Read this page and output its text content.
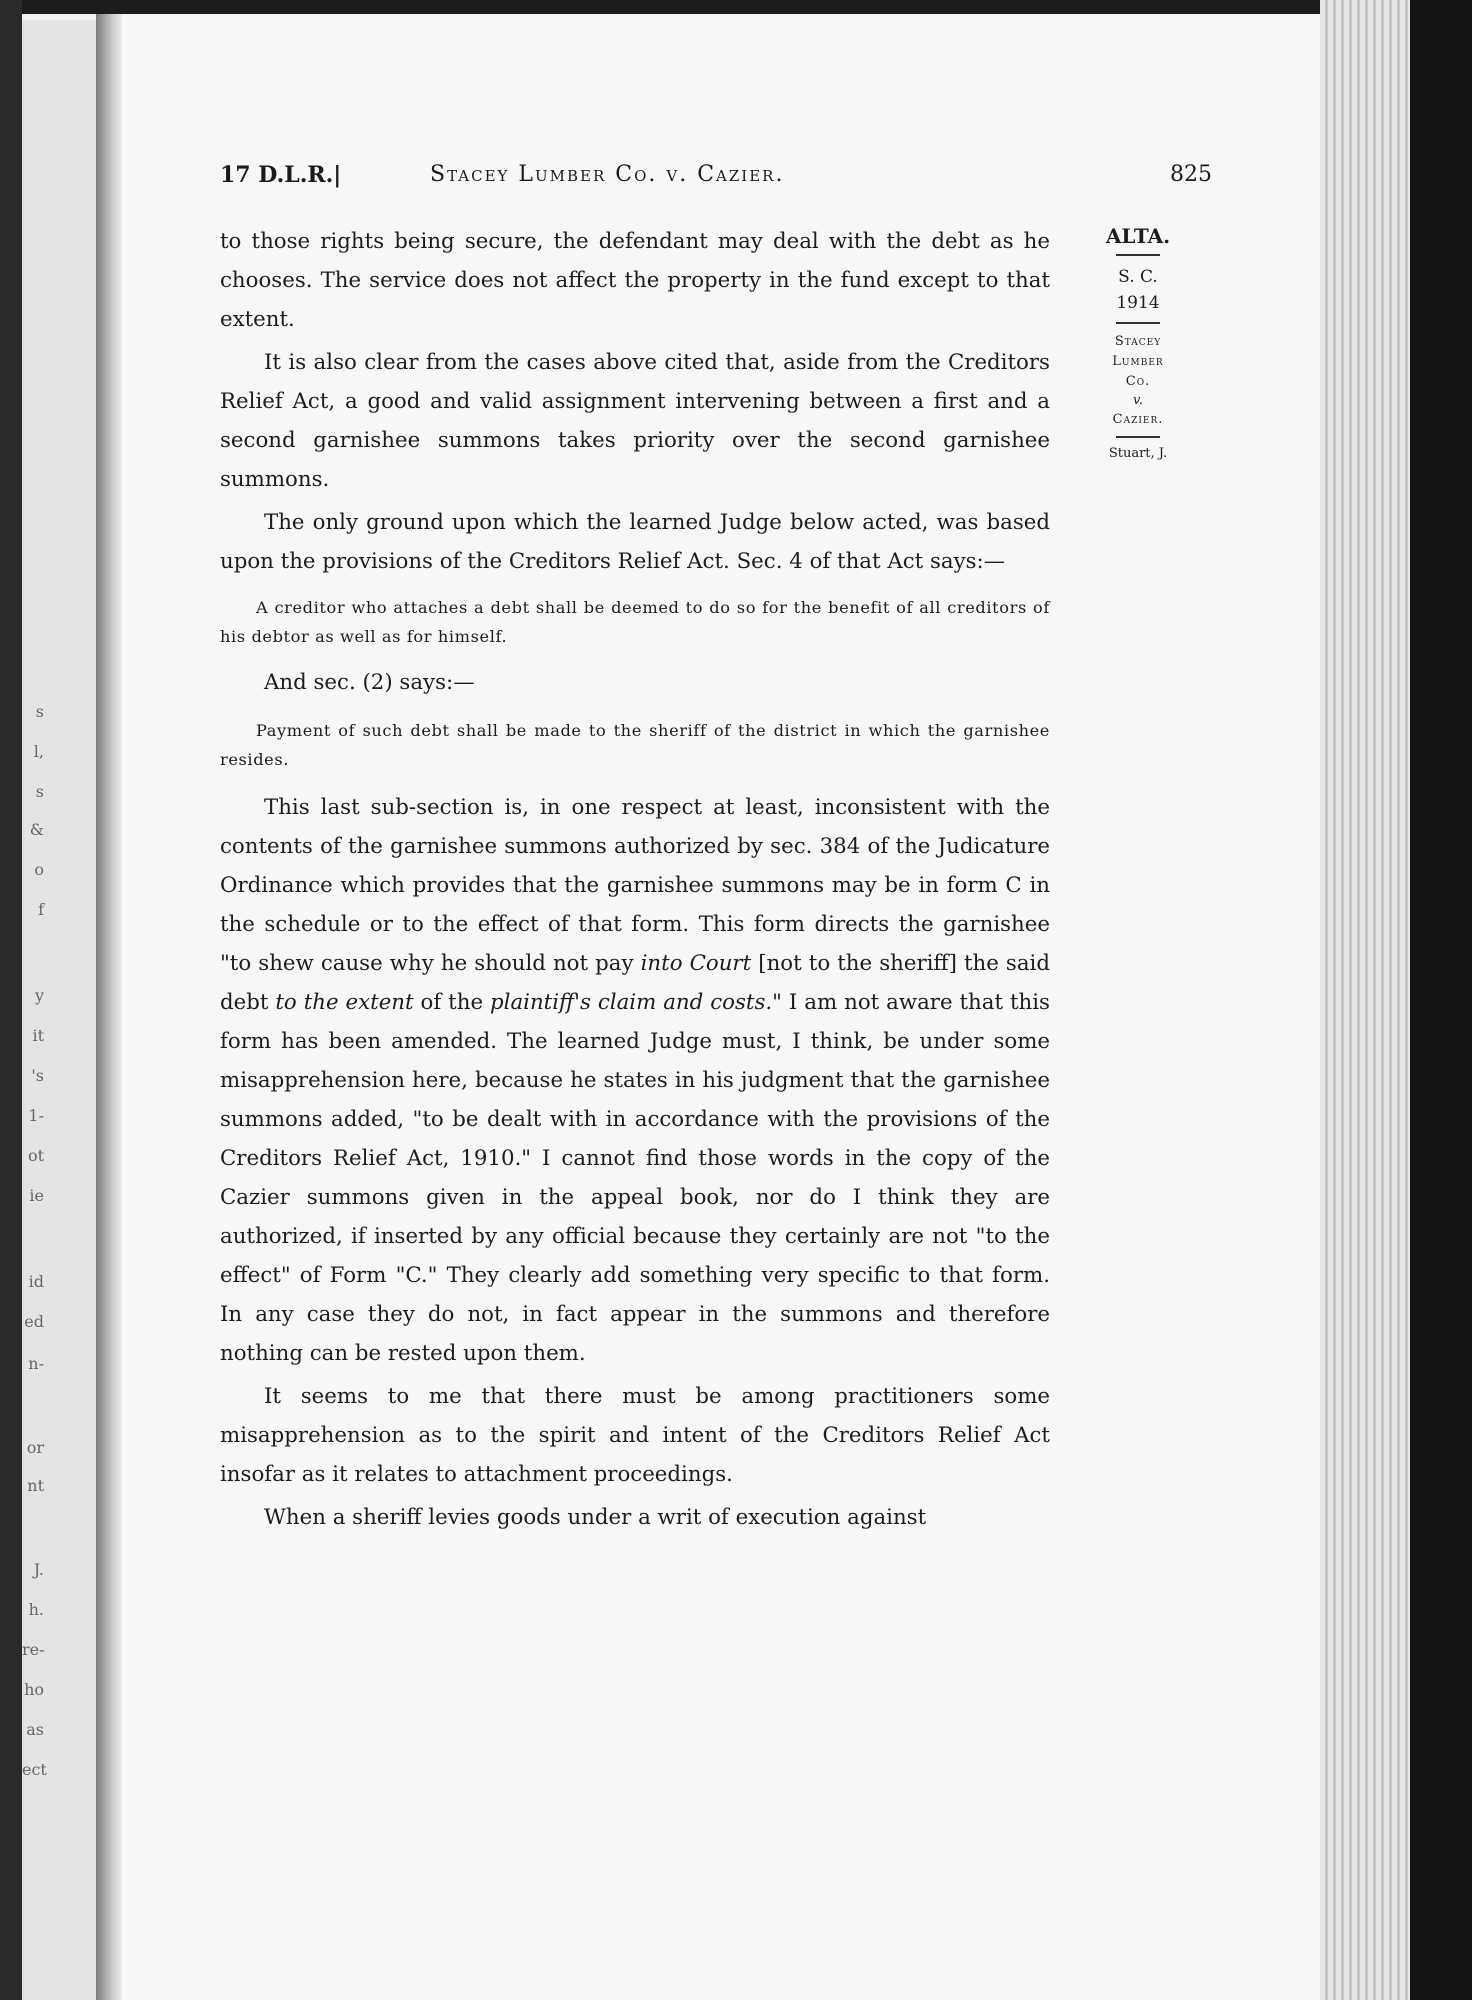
s
l,
s
&
o
f
y
it
's
1-
ot
ie
id
ed
n-
or
nt
J.
h.
re-
ho
as
ect
17 D.L.R.|	Stacey Lumber Co. v. Cazier.	825
ALTA.
S. C.
1914
Stacey
Lumber
Co.
v.
Cazier.
Stuart, J.

to those rights being secure, the defendant may deal with the debt as he chooses. The service does not affect the property in the fund except to that extent.

It is also clear from the cases above cited that, aside from the Creditors Relief Act, a good and valid assignment intervening between a first and a second garnishee summons takes priority over the second garnishee summons.

The only ground upon which the learned Judge below acted, was based upon the provisions of the Creditors Relief Act. Sec. 4 of that Act says:—

A creditor who attaches a debt shall be deemed to do so for the benefit of all creditors of his debtor as well as for himself.

And sec. (2) says:—

Payment of such debt shall be made to the sheriff of the district in which the garnishee resides.

This last sub-section is, in one respect at least, inconsistent with the contents of the garnishee summons authorized by sec. 384 of the Judicature Ordinance which provides that the garnishee summons may be in form C in the schedule or to the effect of that form. This form directs the garnishee "to shew cause why he should not pay into Court [not to the sheriff] the said debt to the extent of the plaintiff's claim and costs." I am not aware that this form has been amended. The learned Judge must, I think, be under some misapprehension here, because he states in his judgment that the garnishee summons added, "to be dealt with in accordance with the provisions of the Creditors Relief Act, 1910." I cannot find those words in the copy of the Cazier summons given in the appeal book, nor do I think they are authorized, if inserted by any official because they certainly are not "to the effect" of Form "C." They clearly add something very specific to that form. In any case they do not, in fact appear in the summons and therefore nothing can be rested upon them.

It seems to me that there must be among practitioners some misapprehension as to the spirit and intent of the Creditors Relief Act insofar as it relates to attachment proceedings.

When a sheriff levies goods under a writ of execution against
